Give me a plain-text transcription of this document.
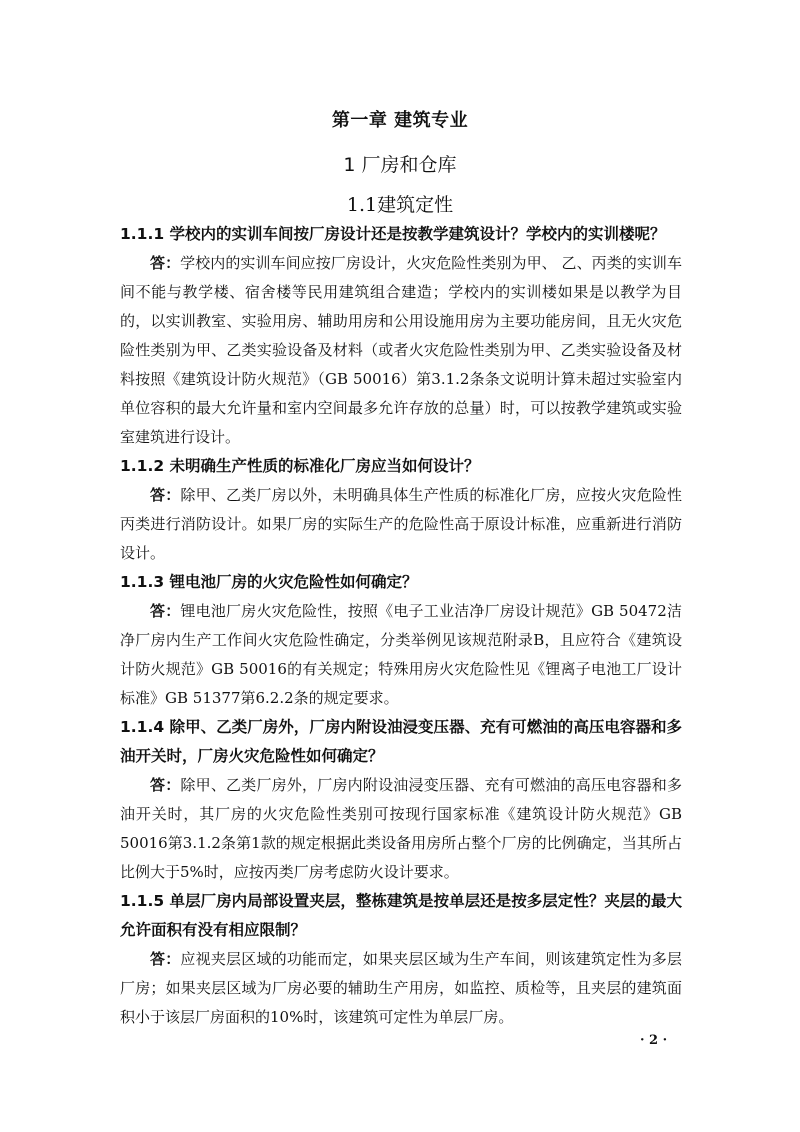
第一章 建筑专业
1 厂房和仓库
1.1建筑定性

1.1.1 学校内的实训车间按厂房设计还是按教学建筑设计？学校内的实训楼呢？

答：学校内的实训车间应按厂房设计，火灾危险性类别为甲、 乙、丙类的实训车间不能与教学楼、宿舍楼等民用建筑组合建造；学校内的实训楼如果是以教学为目的，以实训教室、实验用房、辅助用房和公用设施用房为主要功能房间，且无火灾危险性类别为甲、乙类实验设备及材料（或者火灾危险性类别为甲、乙类实验设备及材料按照《建筑设计防火规范》（GB 50016）第3.1.2条条文说明计算未超过实验室内单位容积的最大允许量和室内空间最多允许存放的总量）时，可以按教学建筑或实验室建筑进行设计。

1.1.2 未明确生产性质的标准化厂房应当如何设计？

答：除甲、乙类厂房以外，未明确具体生产性质的标准化厂房，应按火灾危险性丙类进行消防设计。如果厂房的实际生产的危险性高于原设计标准，应重新进行消防设计。

1.1.3 锂电池厂房的火灾危险性如何确定？

答：锂电池厂房火灾危险性，按照《电子工业洁净厂房设计规范》GB 50472洁净厂房内生产工作间火灾危险性确定，分类举例见该规范附录B，且应符合《建筑设计防火规范》GB 50016的有关规定；特殊用房火灾危险性见《锂离子电池工厂设计标准》GB 51377第6.2.2条的规定要求。

1.1.4 除甲、乙类厂房外，厂房内附设油浸变压器、充有可燃油的高压电容器和多油开关时，厂房火灾危险性如何确定？

答：除甲、乙类厂房外，厂房内附设油浸变压器、充有可燃油的高压电容器和多油开关时，其厂房的火灾危险性类别可按现行国家标准《建筑设计防火规范》GB 50016第3.1.2条第1款的规定根据此类设备用房所占整个厂房的比例确定，当其所占比例大于5%时，应按丙类厂房考虑防火设计要求。

1.1.5 单层厂房内局部设置夹层，整栋建筑是按单层还是按多层定性？夹层的最大允许面积有没有相应限制？

答：应视夹层区域的功能而定，如果夹层区域为生产车间，则该建筑定性为多层厂房；如果夹层区域为厂房必要的辅助生产用房，如监控、质检等，且夹层的建筑面积小于该层厂房面积的10%时，该建筑可定性为单层厂房。

· 2 ·
